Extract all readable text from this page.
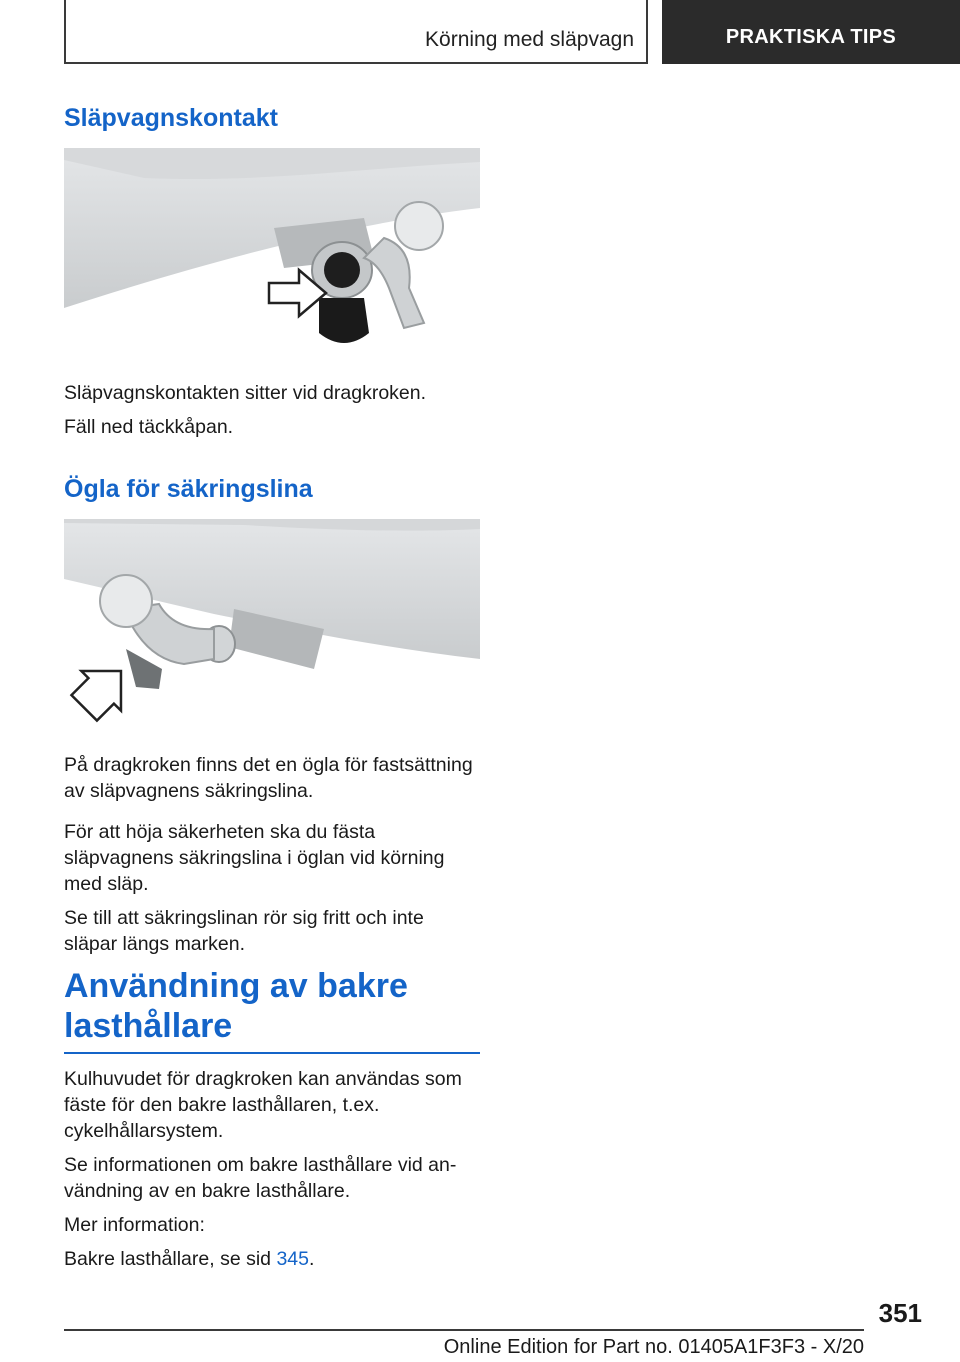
Körning med släpvagn	PRAKTISKA TIPS
Släpvagnskontakt

Släpvagnskontakten sitter vid dragkroken.

Fäll ned täckkåpan.

Ögla för säkringslina

På dragkroken finns det en ögla för fastsättning av släpvagnens säkringslina.

För att höja säkerheten ska du fästa släpvagnens säkringslina i öglan vid körning med släp.

Se till att säkringslinan rör sig fritt och inte släpar längs marken.

Användning av bakre lasthållare

Kulhuvudet för dragkroken kan användas som fäste för den bakre lasthållaren, t.ex. cykelhållarsystem.

Se informationen om bakre lasthållare vid användning av en bakre lasthållare.

Mer information:

Bakre lasthållare, se sid 345.

351
Online Edition for Part no. 01405A1F3F3 - X/20
